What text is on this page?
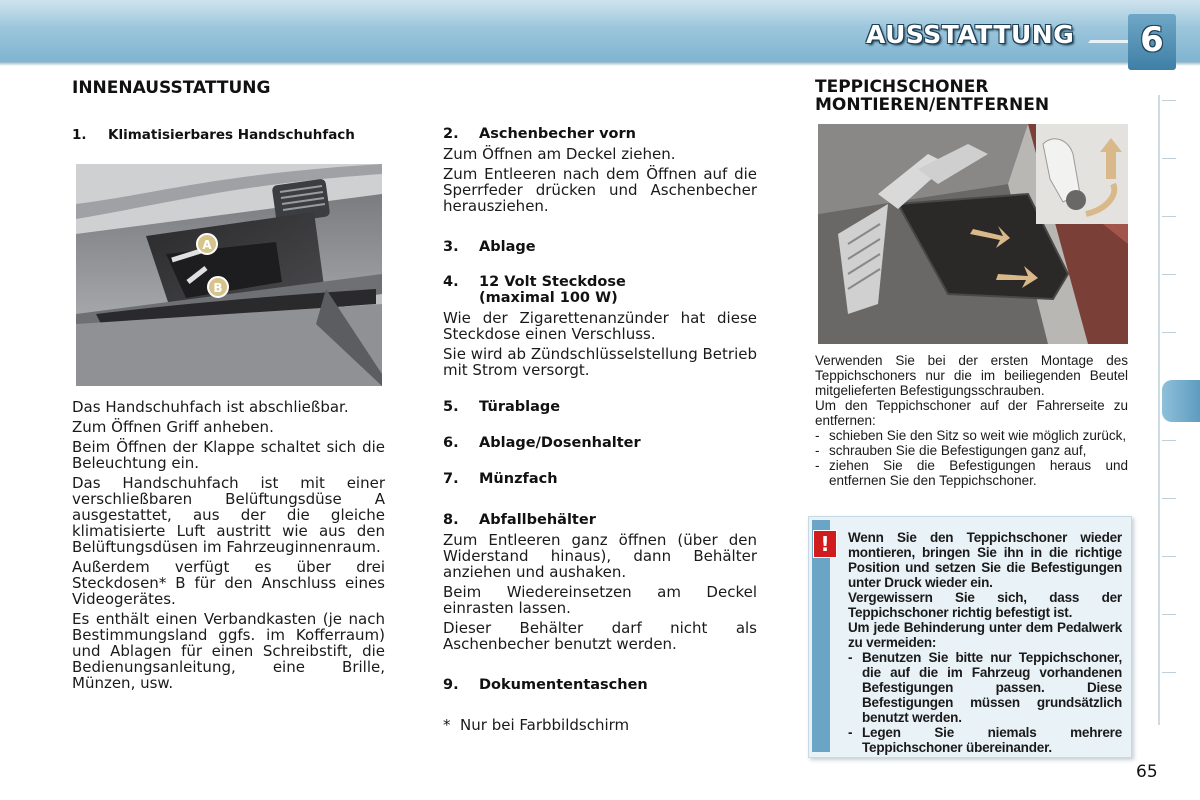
AUSSTATTUNG	6
INNENAUSSTATTUNG
1. Klimatisierbares Handschuhfach
A
B

Das Handschuhfach ist abschließbar.

Zum Öffnen Griff anheben.

Beim Öffnen der Klappe schaltet sich die Beleuchtung ein.

Das Handschuhfach ist mit einer verschließbaren Belüftungsdüse A ausgestattet, aus der die gleiche klimatisierte Luft austritt wie aus den Belüftungsdüsen im Fahrzeuginnenraum.

Außerdem verfügt es über drei Steckdosen* B für den Anschluss eines Videogerätes.

Es enthält einen Verbandkasten (je nach Bestimmungsland ggfs. im Kofferraum) und Ablagen für einen Schreibstift, die Bedienungsanleitung, eine Brille, Münzen, usw.

2. Aschenbecher vorn

Zum Öffnen am Deckel ziehen.

Zum Entleeren nach dem Öffnen auf die Sperrfeder drücken und Aschenbecher herausziehen.

3. Ablage
4. 12 Volt Steckdose
(maximal 100 W)

Wie der Zigarettenanzünder hat diese Steckdose einen Verschluss.

Sie wird ab Zündschlüsselstellung Betrieb mit Strom versorgt.

5. Türablage
6. Ablage/Dosenhalter
7. Münzfach
8. Abfallbehälter

Zum Entleeren ganz öffnen (über den Widerstand hinaus), dann Behälter anziehen und aushaken.

Beim Wiedereinsetzen am Deckel einrasten lassen.

Dieser Behälter darf nicht als Aschenbecher benutzt werden.

9. Dokumententaschen

*  Nur bei Farbbildschirm

TEPPICHSCHONER
MONTIEREN/ENTFERNEN

Verwenden Sie bei der ersten Montage des Teppichschoners nur die im beiliegenden Beutel mitgelieferten Befestigungsschrauben.

Um den Teppichschoner auf der Fahrerseite zu entfernen:

- schieben Sie den Sitz so weit wie möglich zurück,
- schrauben Sie die Befestigungen ganz auf,
- ziehen Sie die Befestigungen heraus und entfernen Sie den Teppichschoner.
!	Wenn Sie den Teppichschoner wieder montieren, bringen Sie ihn in die richtige Position und setzen Sie die Befestigungen unter Druck wieder ein.

Vergewissern Sie sich, dass der Teppichschoner richtig befestigt ist.

Um jede Behinderung unter dem Pedalwerk zu vermeiden:

- Benutzen Sie bitte nur Teppichschoner, die auf die im Fahrzeug vorhandenen Befestigungen passen. Diese Befestigungen müssen grundsätzlich benutzt werden.
- Legen Sie niemals mehrere Teppichschoner übereinander.
65
